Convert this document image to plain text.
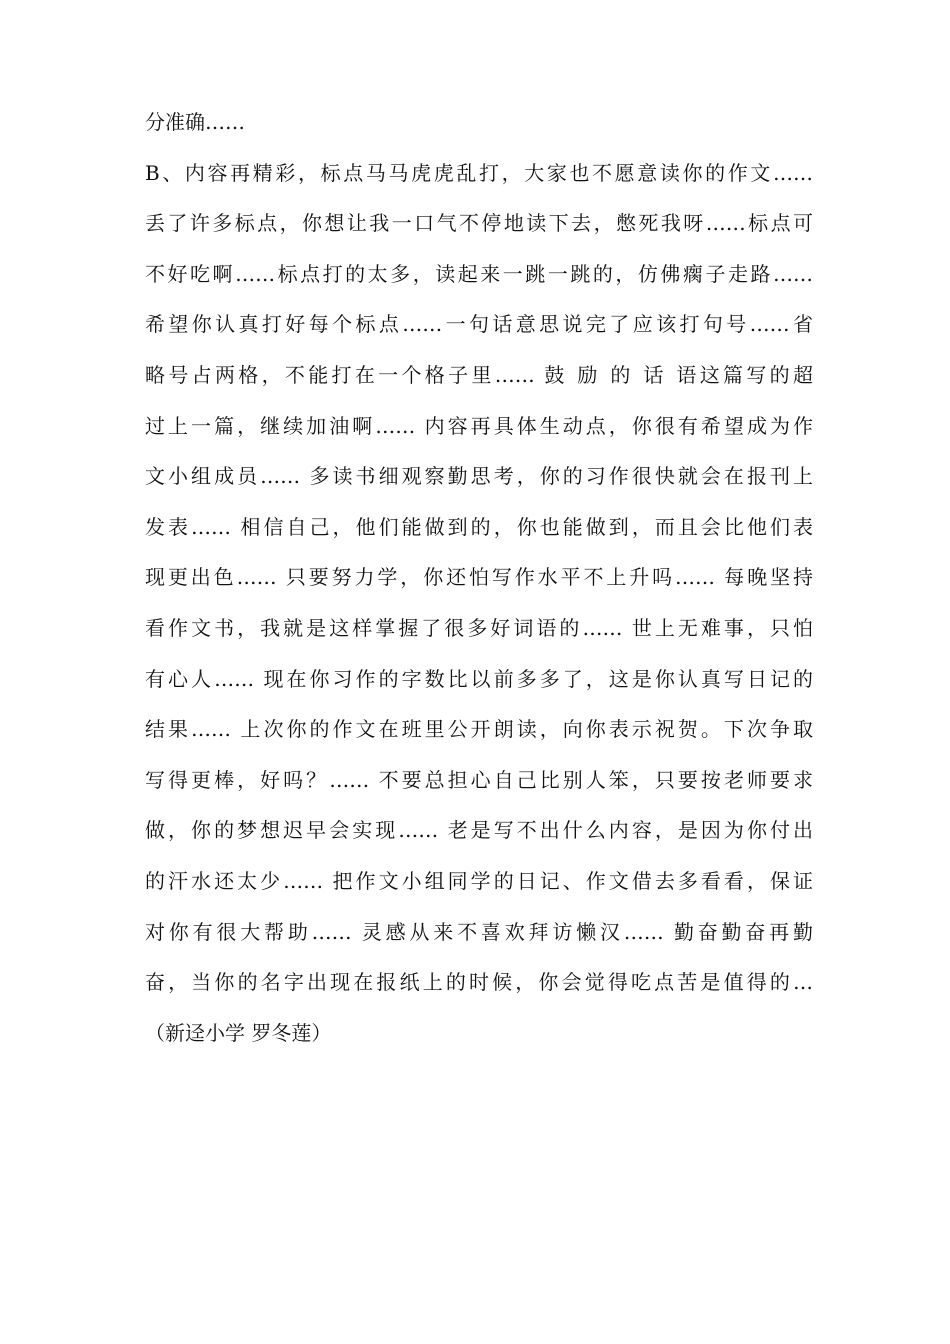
分准确……
B、内容再精彩，标点马马虎虎乱打，大家也不愿意读你的作文……
丢了许多标点，你想让我一口气不停地读下去，憋死我呀……标点可
不好吃啊……标点打的太多，读起来一跳一跳的，仿佛瘸子走路……
希望你认真打好每个标点……一句话意思说完了应该打句号……省
略号占两格，不能打在一个格子里…… 鼓 励 的 话 语这篇写的超
过上一篇，继续加油啊…… 内容再具体生动点，你很有希望成为作
文小组成员…… 多读书细观察勤思考，你的习作很快就会在报刊上
发表…… 相信自己，他们能做到的，你也能做到，而且会比他们表
现更出色…… 只要努力学，你还怕写作水平不上升吗…… 每晚坚持
看作文书，我就是这样掌握了很多好词语的…… 世上无难事，只怕
有心人…… 现在你习作的字数比以前多多了，这是你认真写日记的
结果…… 上次你的作文在班里公开朗读，向你表示祝贺。下次争取
写得更棒，好吗？…… 不要总担心自己比别人笨，只要按老师要求
做，你的梦想迟早会实现…… 老是写不出什么内容，是因为你付出
的汗水还太少…… 把作文小组同学的日记、作文借去多看看，保证
对你有很大帮助…… 灵感从来不喜欢拜访懒汉…… 勤奋勤奋再勤
奋，当你的名字出现在报纸上的时候，你会觉得吃点苦是值得的…
（新迳小学 罗冬莲）
